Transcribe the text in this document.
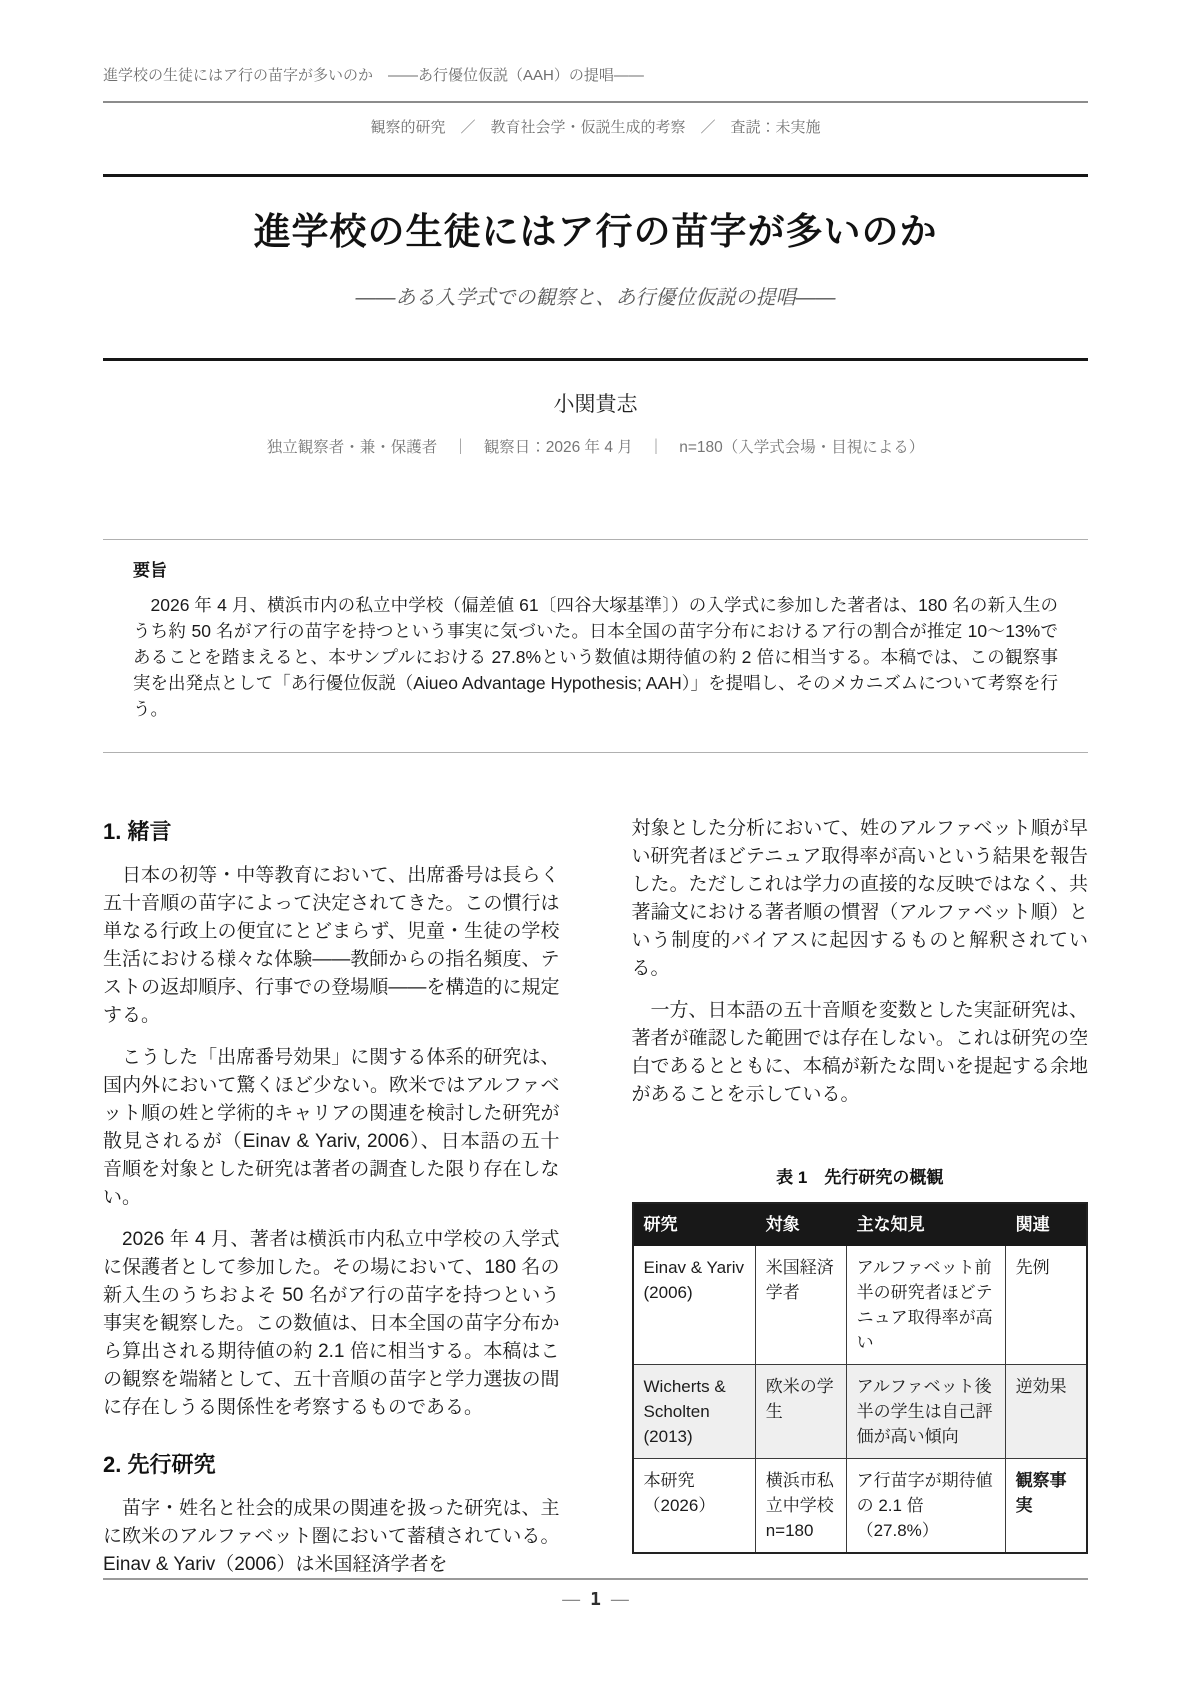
進学校の生徒にはア行の苗字が多いのか　——あ行優位仮説（AAH）の提唱——
観察的研究　／　教育社会学・仮説生成的考察　／　査読：未実施
進学校の生徒にはア行の苗字が多いのか
——ある入学式での観察と、あ行優位仮説の提唱——
小関貴志
独立観察者・兼・保護者　｜　観察日：2026 年 4 月　｜　n=180（入学式会場・目視による）
要旨

2026 年 4 月、横浜市内の私立中学校（偏差値 61〔四谷大塚基準〕）の入学式に参加した著者は、180 名の新入生のうち約 50 名がア行の苗字を持つという事実に気づいた。日本全国の苗字分布におけるア行の割合が推定 10〜13%であることを踏まえると、本サンプルにおける 27.8%という数値は期待値の約 2 倍に相当する。本稿では、この観察事実を出発点として「あ行優位仮説（Aiueo Advantage Hypothesis; AAH）」を提唱し、そのメカニズムについて考察を行う。

1. 緒言

日本の初等・中等教育において、出席番号は長らく五十音順の苗字によって決定されてきた。この慣行は単なる行政上の便宜にとどまらず、児童・生徒の学校生活における様々な体験——教師からの指名頻度、テストの返却順序、行事での登場順——を構造的に規定する。

こうした「出席番号効果」に関する体系的研究は、国内外において驚くほど少ない。欧米ではアルファベット順の姓と学術的キャリアの関連を検討した研究が散見されるが（Einav & Yariv, 2006）、日本語の五十音順を対象とした研究は著者の調査した限り存在しない。

2026 年 4 月、著者は横浜市内私立中学校の入学式に保護者として参加した。その場において、180 名の新入生のうちおよそ 50 名がア行の苗字を持つという事実を観察した。この数値は、日本全国の苗字分布から算出される期待値の約 2.1 倍に相当する。本稿はこの観察を端緒として、五十音順の苗字と学力選抜の間に存在しうる関係性を考察するものである。

2. 先行研究

苗字・姓名と社会的成果の関連を扱った研究は、主に欧米のアルファベット圏において蓄積されている。Einav & Yariv（2006）は米国経済学者を

対象とした分析において、姓のアルファベット順が早い研究者ほどテニュア取得率が高いという結果を報告した。ただしこれは学力の直接的な反映ではなく、共著論文における著者順の慣習（アルファベット順）という制度的バイアスに起因するものと解釈されている。

一方、日本語の五十音順を変数とした実証研究は、著者が確認した範囲では存在しない。これは研究の空白であるとともに、本稿が新たな問いを提起する余地があることを示している。

表 1　先行研究の概観
研究	対象	主な知見	関連
Einav & Yariv (2006)	米国経済学者	アルファベット前半の研究者ほどテニュア取得率が高い	先例
Wicherts & Scholten (2013)	欧米の学生	アルファベット後半の学生は自己評価が高い傾向	逆効果
本研究（2026）	横浜市私立中学校 n=180	ア行苗字が期待値の 2.1 倍（27.8%）	観察事実
— 1 —
